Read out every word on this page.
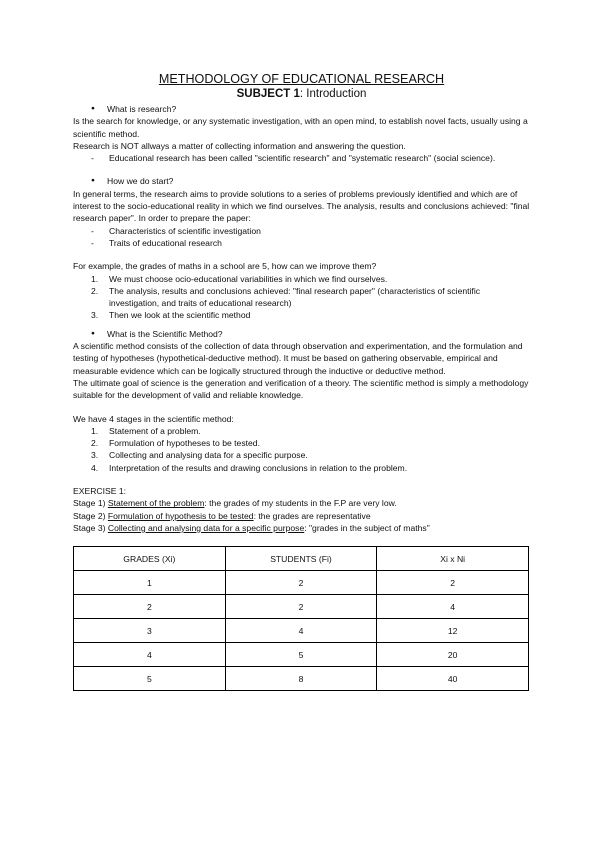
METHODOLOGY OF EDUCATIONAL RESEARCH

SUBJECT 1: Introduction

● What is research?

Is the search for knowledge, or any systematic investigation, with an open mind, to establish novel facts, usually using a scientific method.

Research is NOT allways a matter of collecting information and answering the question.

- Educational research has been called "scientific research" and "systematic research" (social science).

● How we do start?

In general terms, the research aims to provide solutions to a series of problems previously identified and which are of interest to the socio-educational reality in which we find ourselves. The analysis, results and conclusions achieved: "final research paper". In order to prepare the paper:

- Characteristics of scientific investigation

- Traits of educational research

For example, the grades of maths in a school are 5, how can we improve them?

1. We must choose ocio-educational variabilities in which we find ourselves.

2. The analysis, results and conclusions achieved: "final research paper" (characteristics of scientific investigation, and traits of educational research)

3. Then we look at the scientific method

● What is the Scientific Method?

A scientific method consists of the collection of data through observation and experimentation, and the formulation and testing of hypotheses (hypothetical-deductive method). It must be based on gathering observable, empirical and measurable evidence which can be logically structured through the inductive or deductive method.

The ultimate goal of science is the generation and verification of a theory. The scientific method is simply a methodology suitable for the development of valid and reliable knowledge.

We have 4 stages in the scientific method:

1. Statement of a problem.

2. Formulation of hypotheses to be tested.

3. Collecting and analysing data for a specific purpose.

4. Interpretation of the results and drawing conclusions in relation to the problem.

EXERCISE 1:

Stage 1) Statement of the problem: the grades of my students in the F.P are very low.

Stage 2) Formulation of hypothesis to be tested: the grades are representative

Stage 3) Collecting and analysing data for a specific purpose: "grades in the subject of maths"

GRADES (Xi)	STUDENTS (Fi)	Xi x Ni
1	2	2
2	2	4
3	4	12
4	5	20
5	8	40
